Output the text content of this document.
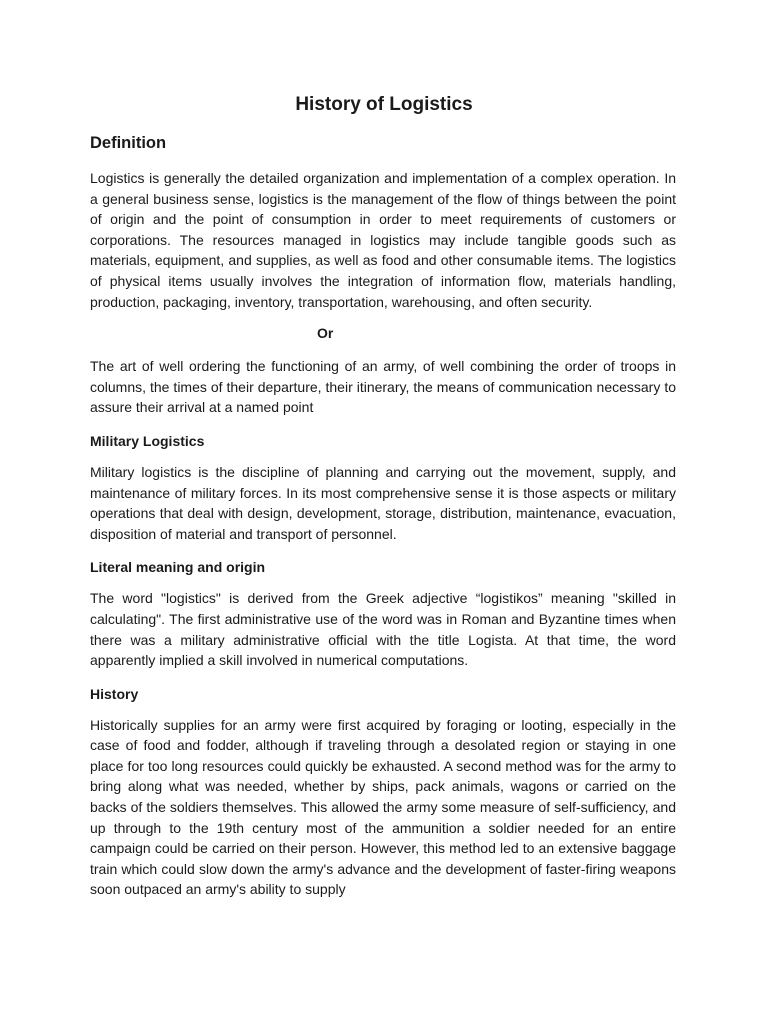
History of Logistics
Definition

Logistics is generally the detailed organization and implementation of a complex operation. In a general business sense, logistics is the management of the flow of things between the point of origin and the point of consumption in order to meet requirements of customers or corporations. The resources managed in logistics may include tangible goods such as materials, equipment, and supplies, as well as food and other consumable items. The logistics of physical items usually involves the integration of information flow, materials handling, production, packaging, inventory, transportation, warehousing, and often security.

Or

The art of well ordering the functioning of an army, of well combining the order of troops in columns, the times of their departure, their itinerary, the means of communication necessary to assure their arrival at a named point

Military Logistics

Military logistics is the discipline of planning and carrying out the movement, supply, and maintenance of military forces. In its most comprehensive sense it is those aspects or military operations that deal with design, development, storage, distribution, maintenance, evacuation, disposition of material and transport of personnel.

Literal meaning and origin

The word "logistics" is derived from the Greek adjective “logistikos” meaning "skilled in calculating". The first administrative use of the word was in Roman and Byzantine times when there was a military administrative official with the title Logista. At that time, the word apparently implied a skill involved in numerical computations.

History

Historically supplies for an army were first acquired by foraging or looting, especially in the case of food and fodder, although if traveling through a desolated region or staying in one place for too long resources could quickly be exhausted. A second method was for the army to bring along what was needed, whether by ships, pack animals, wagons or carried on the backs of the soldiers themselves. This allowed the army some measure of self-sufficiency, and up through to the 19th century most of the ammunition a soldier needed for an entire campaign could be carried on their person. However, this method led to an extensive baggage train which could slow down the army's advance and the development of faster-firing weapons soon outpaced an army's ability to supply
